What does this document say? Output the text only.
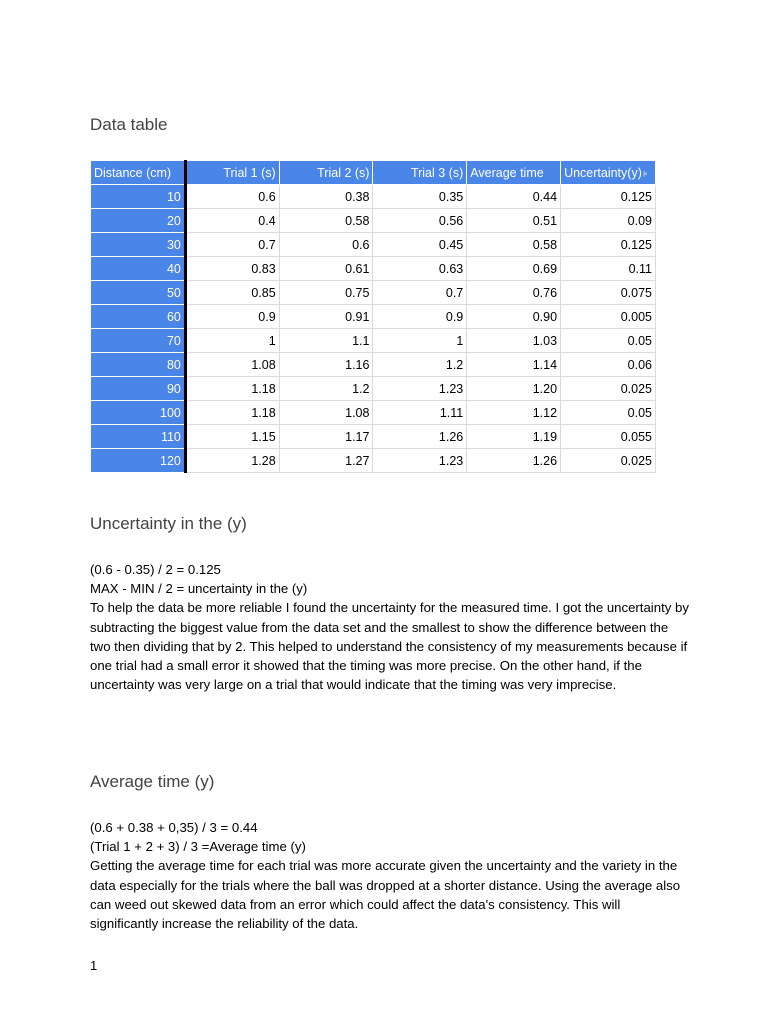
Data table
Distance (cm)	Trial 1 (s)	Trial 2 (s)	Trial 3 (s)	Average time	Uncertainty(y)⊧
10	0.6	0.38	0.35	0.44	0.125
20	0.4	0.58	0.56	0.51	0.09
30	0.7	0.6	0.45	0.58	0.125
40	0.83	0.61	0.63	0.69	0.11
50	0.85	0.75	0.7	0.76	0.075
60	0.9	0.91	0.9	0.90	0.005
70	1	1.1	1	1.03	0.05
80	1.08	1.16	1.2	1.14	0.06
90	1.18	1.2	1.23	1.20	0.025
100	1.18	1.08	1.11	1.12	0.05
110	1.15	1.17	1.26	1.19	0.055
120	1.28	1.27	1.23	1.26	0.025
Uncertainty in the (y)

(0.6 - 0.35) / 2 = 0.125

MAX - MIN / 2 = uncertainty in the (y)

To help the data be more reliable I found the uncertainty for the measured time. I got the uncertainty by subtracting the biggest value from the data set and the smallest to show the difference between the two then dividing that by 2. This helped to understand the consistency of my measurements because if one trial had a small error it showed that the timing was more precise. On the other hand, if the uncertainty was very large on a trial that would indicate that the timing was very imprecise.

Average time (y)

(0.6 + 0.38 + 0,35) / 3 = 0.44

(Trial 1 + 2 + 3) / 3 =Average time (y)

Getting the average time for each trial was more accurate given the uncertainty and the variety in the data especially for the trials where the ball was dropped at a shorter distance. Using the average also can weed out skewed data from an error which could affect the data's consistency. This will significantly increase the reliability of the data.

1
